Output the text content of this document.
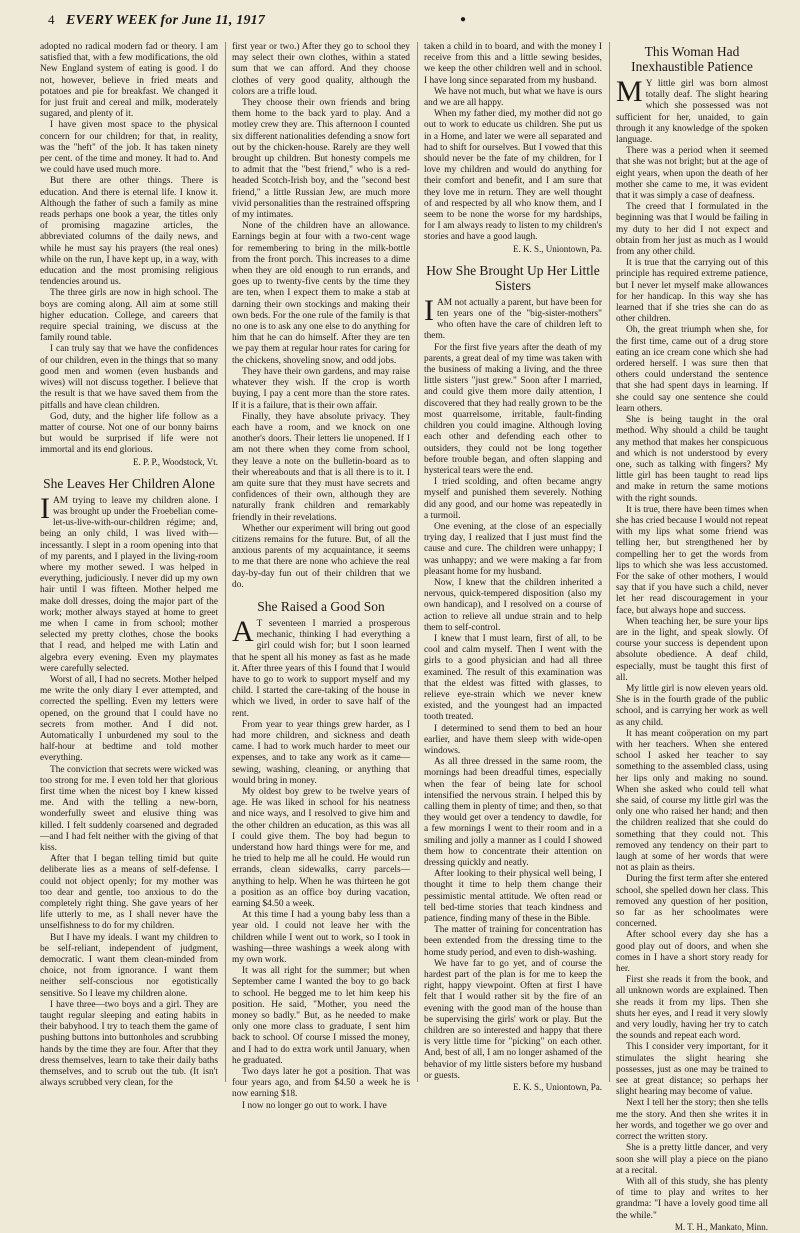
4 EVERY WEEK for June 11, 1917	●

adopted no radical modern fad or theory. I am satisfied that, with a few modifications, the old New England system of eating is good. I do not, however, believe in fried meats and potatoes and pie for breakfast. We changed it for just fruit and cereal and milk, moderately sugared, and plenty of it.

I have given most space to the physical concern for our children; for that, in reality, was the "heft" of the job. It has taken ninety per cent. of the time and money. It had to. And we could have used much more.

But there are other things. There is education. And there is eternal life. I know it. Although the father of such a family as mine reads perhaps one book a year, the titles only of promising magazine articles, the abbreviated columns of the daily news, and while he must say his prayers (the real ones) while on the run, I have kept up, in a way, with education and the most promising religious tendencies around us.

The three girls are now in high school. The boys are coming along. All aim at some still higher education. College, and careers that require special training, we discuss at the family round table.

I can truly say that we have the confidences of our children, even in the things that so many good men and women (even husbands and wives) will not discuss together. I believe that the result is that we have saved them from the pitfalls and have clean children.

God, duty, and the higher life follow as a matter of course. Not one of our bonny bairns but would be surprised if life were not immortal and its end glorious.

E. P. P., Woodstock, Vt.
She Leaves Her Children Alone

IAM trying to leave my children alone. I was brought up under the Froebelian come-let-us-live-with-our-children régime; and, being an only child, I was lived with—incessantly. I slept in a room opening into that of my parents, and I played in the living-room where my mother sewed. I was helped in everything, judiciously. I never did up my own hair until I was fifteen. Mother helped me make doll dresses, doing the major part of the work; mother always stayed at home to greet me when I came in from school; mother selected my pretty clothes, chose the books that I read, and helped me with Latin and algebra every evening. Even my playmates were carefully selected.

Worst of all, I had no secrets. Mother helped me write the only diary I ever attempted, and corrected the spelling. Even my letters were opened, on the ground that I could have no secrets from mother. And I did not. Automatically I unburdened my soul to the half-hour at bedtime and told mother everything.

The conviction that secrets were wicked was too strong for me. I even told her that glorious first time when the nicest boy I knew kissed me. And with the telling a new-born, wonderfully sweet and elusive thing was killed. I felt suddenly coarsened and degraded—and I had felt neither with the giving of that kiss.

After that I began telling timid but quite deliberate lies as a means of self-defense. I could not object openly; for my mother was too dear and gentle, too anxious to do the completely right thing. She gave years of her life utterly to me, as I shall never have the unselfishness to do for my children.

But I have my ideals. I want my children to be self-reliant, independent of judgment, democratic. I want them clean-minded from choice, not from ignorance. I want them neither self-conscious nor egotistically sensitive. So I leave my children alone.

I have three—two boys and a girl. They are taught regular sleeping and eating habits in their babyhood. I try to teach them the game of pushing buttons into buttonholes and scrubbing hands by the time they are four. After that they dress themselves, learn to take their daily baths themselves, and to scrub out the tub. (It isn't always scrubbed very clean, for the

first year or two.) After they go to school they may select their own clothes, within a stated sum that we can afford. And they choose clothes of very good quality, although the colors are a trifle loud.

They choose their own friends and bring them home to the back yard to play. And a motley crew they are. This afternoon I counted six different nationalities defending a snow fort out by the chicken-house. Rarely are they well brought up children. But honesty compels me to admit that the "best friend," who is a red-headed Scotch-Irish boy, and the "second best friend," a little Russian Jew, are much more vivid personalities than the restrained offspring of my intimates.

None of the children have an allowance. Earnings begin at four with a two-cent wage for remembering to bring in the milk-bottle from the front porch. This increases to a dime when they are old enough to run errands, and goes up to twenty-five cents by the time they are ten, when I expect them to make a stab at darning their own stockings and making their own beds. For the one rule of the family is that no one is to ask any one else to do anything for him that he can do himself. After they are ten we pay them at regular hour rates for caring for the chickens, shoveling snow, and odd jobs.

They have their own gardens, and may raise whatever they wish. If the crop is worth buying, I pay a cent more than the store rates. If it is a failure, that is their own affair.

Finally, they have absolute privacy. They each have a room, and we knock on one another's doors. Their letters lie unopened. If I am not there when they come from school, they leave a note on the bulletin-board as to their whereabouts and that is all there is to it. I am quite sure that they must have secrets and confidences of their own, although they are naturally frank children and remarkably friendly in their revelations.

Whether our experiment will bring out good citizens remains for the future. But, of all the anxious parents of my acquaintance, it seems to me that there are none who achieve the real day-by-day fun out of their children that we do.

She Raised a Good Son

A T seventeen I married a prosperous mechanic, thinking I had everything a girl could wish for; but I soon learned that he spent all his money as fast as he made it. After three years of this I found that I would have to go to work to support myself and my child. I started the care-taking of the house in which we lived, in order to save half of the rent.

From year to year things grew harder, as I had more children, and sickness and death came. I had to work much harder to meet our expenses, and to take any work as it came—sewing, washing, cleaning, or anything that would bring in money.

My oldest boy grew to be twelve years of age. He was liked in school for his neatness and nice ways, and I resolved to give him and the other children an education, as this was all I could give them. The boy had begun to understand how hard things were for me, and he tried to help me all he could. He would run errands, clean sidewalks, carry parcels—anything to help. When he was thirteen he got a position as an office boy during vacation, earning $4.50 a week.

At this time I had a young baby less than a year old. I could not leave her with the children while I went out to work, so I took in washing—three washings a week along with my own work.

It was all right for the summer; but when September came I wanted the boy to go back to school. He begged me to let him keep his position. He said, "Mother, you need the money so badly." But, as he needed to make only one more class to graduate, I sent him back to school. Of course I missed the money, and I had to do extra work until January, when he graduated.

Two days later he got a position. That was four years ago, and from $4.50 a week he is now earning $18.

I now no longer go out to work. I have

taken a child in to board, and with the money I receive from this and a little sewing besides, we keep the other children well and in school. I have long since separated from my husband.

We have not much, but what we have is ours and we are all happy.

When my father died, my mother did not go out to work to educate us children. She put us in a Home, and later we were all separated and had to shift for ourselves. But I vowed that this should never be the fate of my children, for I love my children and would do anything for their comfort and benefit, and I am sure that they love me in return. They are well thought of and respected by all who know them, and I seem to be none the worse for my hardships, for I am always ready to listen to my children's stories and have a good laugh.

E. K. S., Uniontown, Pa.
How She Brought Up Her Little Sisters

IAM not actually a parent, but have been for ten years one of the "big-sister-mothers" who often have the care of children left to them.

For the first five years after the death of my parents, a great deal of my time was taken with the business of making a living, and the three little sisters "just grew." Soon after I married, and could give them more daily attention, I discovered that they had really grown to be the most quarrelsome, irritable, fault-finding children you could imagine. Although loving each other and defending each other to outsiders, they could not be long together before trouble began, and often slapping and hysterical tears were the end.

I tried scolding, and often became angry myself and punished them severely. Nothing did any good, and our home was repeatedly in a turmoil.

One evening, at the close of an especially trying day, I realized that I just must find the cause and cure. The children were unhappy; I was unhappy; and we were making a far from pleasant home for my husband.

Now, I knew that the children inherited a nervous, quick-tempered disposition (also my own handicap), and I resolved on a course of action to relieve all undue strain and to help them to self-control.

I knew that I must learn, first of all, to be cool and calm myself. Then I went with the girls to a good physician and had all three examined. The result of this examination was that the eldest was fitted with glasses, to relieve eye-strain which we never knew existed, and the youngest had an impacted tooth treated.

I determined to send them to bed an hour earlier, and have them sleep with wide-open windows.

As all three dressed in the same room, the mornings had been dreadful times, especially when the fear of being late for school intensified the nervous strain. I helped this by calling them in plenty of time; and then, so that they would get over a tendency to dawdle, for a few mornings I went to their room and in a smiling and jolly a manner as I could I showed them how to concentrate their attention on dressing quickly and neatly.

After looking to their physical well being, I thought it time to help them change their pessimistic mental attitude. We often read or tell bed-time stories that teach kindness and patience, finding many of these in the Bible.

The matter of training for concentration has been extended from the dressing time to the home study period, and even to dish-washing.

We have far to go yet, and of course the hardest part of the plan is for me to keep the right, happy viewpoint. Often at first I have felt that I would rather sit by the fire of an evening with the good man of the house than be supervising the girls' work or play. But the children are so interested and happy that there is very little time for "picking" on each other. And, best of all, I am no longer ashamed of the behavior of my little sisters before my husband or guests.

E. K. S., Uniontown, Pa.
This Woman Had Inexhaustible Patience

M Y little girl was born almost totally deaf. The slight hearing which she possessed was not sufficient for her, unaided, to gain through it any knowledge of the spoken language.

There was a period when it seemed that she was not bright; but at the age of eight years, when upon the death of her mother she came to me, it was evident that it was simply a case of deafness.

The creed that I formulated in the beginning was that I would be failing in my duty to her did I not expect and obtain from her just as much as I would from any other child.

It is true that the carrying out of this principle has required extreme patience, but I never let myself make allowances for her handicap. In this way she has learned that if she tries she can do as other children.

Oh, the great triumph when she, for the first time, came out of a drug store eating an ice cream cone which she had ordered herself. I was sure then that others could understand the sentence that she had spent days in learning. If she could say one sentence she could learn others.

She is being taught in the oral method. Why should a child be taught any method that makes her conspicuous and which is not understood by every one, such as talking with fingers? My little girl has been taught to read lips and make in return the same motions with the right sounds.

It is true, there have been times when she has cried because I would not repeat with my lips what some friend was telling her, but strengthened her by compelling her to get the words from lips to which she was less accustomed. For the sake of other mothers, I would say that if you have such a child, never let her read discouragement in your face, but always hope and success.

When teaching her, be sure your lips are in the light, and speak slowly. Of course your success is dependent upon absolute obedience. A deaf child, especially, must be taught this first of all.

My little girl is now eleven years old. She is in the fourth grade of the public school, and is carrying her work as well as any child.

It has meant coöperation on my part with her teachers. When she entered school I asked her teacher to say something to the assembled class, using her lips only and making no sound. When she asked who could tell what she said, of course my little girl was the only one who raised her hand; and then the children realized that she could do something that they could not. This removed any tendency on their part to laugh at some of her words that were not as plain as theirs.

During the first term after she entered school, she spelled down her class. This removed any question of her position, so far as her schoolmates were concerned.

After school every day she has a good play out of doors, and when she comes in I have a short story ready for her.

First she reads it from the book, and all unknown words are explained. Then she reads it from my lips. Then she shuts her eyes, and I read it very slowly and very loudly, having her try to catch the sounds and repeat each word.

This I consider very important, for it stimulates the slight hearing she possesses, just as one may be trained to see at great distance; so perhaps her slight hearing may become of value.

Next I tell her the story; then she tells me the story. And then she writes it in her words, and together we go over and correct the written story.

She is a pretty little dancer, and very soon she will play a piece on the piano at a recital.

With all of this study, she has plenty of time to play and writes to her grandma: "I have a lovely good time all the while."

M. T. H., Mankato, Minn.
